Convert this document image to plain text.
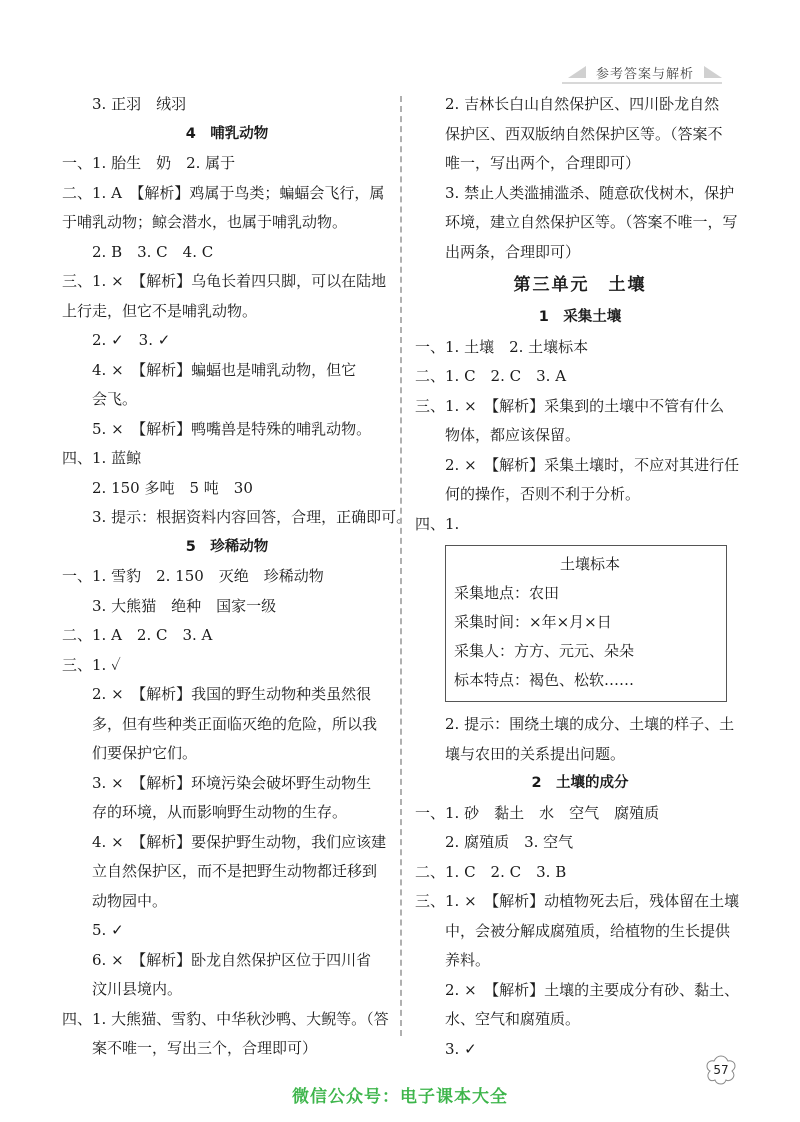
参考答案与解析
3. 正羽　绒羽
4　哺乳动物
一、1. 胎生　奶　2. 属于
二、1. A　【解析】鸡属于鸟类；蝙蝠会飞行，属
于哺乳动物；鲸会潜水，也属于哺乳动物。
2. B　3. C　4. C
三、1. ×　【解析】乌龟长着四只脚，可以在陆地
上行走，但它不是哺乳动物。
2. ✓　3. ✓
4. ×　【解析】蝙蝠也是哺乳动物，但它
会飞。
5. ×　【解析】鸭嘴兽是特殊的哺乳动物。
四、1. 蓝鲸
2. 150 多吨　5 吨　30
3. 提示：根据资料内容回答，合理，正确即可。
5　珍稀动物
一、1. 雪豹　2. 150　灭绝　珍稀动物
3. 大熊猫　绝种　国家一级
二、1. A　2. C　3. A
三、1. ✓
2. ×　【解析】我国的野生动物种类虽然很
多，但有些种类正面临灭绝的危险，所以我
们要保护它们。
3. ×　【解析】环境污染会破坏野生动物生
存的环境，从而影响野生动物的生存。
4. ×　【解析】要保护野生动物，我们应该建
立自然保护区，而不是把野生动物都迁移到
动物园中。
5. ✓
6. ×　【解析】卧龙自然保护区位于四川省
汶川县境内。
四、1. 大熊猫、雪豹、中华秋沙鸭、大鲵等。（答
案不唯一，写出三个，合理即可）
2. 吉林长白山自然保护区、四川卧龙自然
保护区、西双版纳自然保护区等。（答案不
唯一，写出两个，合理即可）
3. 禁止人类滥捕滥杀、随意砍伐树木，保护
环境，建立自然保护区等。（答案不唯一，写
出两条，合理即可）
第三单元　土壤
1　采集土壤
一、1. 土壤　2. 土壤标本
二、1. C　2. C　3. A
三、1. ×　【解析】采集到的土壤中不管有什么
物体，都应该保留。
2. ×　【解析】采集土壤时，不应对其进行任
何的操作，否则不利于分析。
四、1.
土壤标本
采集地点：农田
采集时间：×年×月×日
采集人：方方、元元、朵朵
标本特点：褐色、松软……
2. 提示：围绕土壤的成分、土壤的样子、土
壤与农田的关系提出问题。
2　土壤的成分
一、1. 砂　黏土　水　空气　腐殖质
2. 腐殖质　3. 空气
二、1. C　2. C　3. B
三、1. ×　【解析】动植物死去后，残体留在土壤
中，会被分解成腐殖质，给植物的生长提供
养料。
2. ×　【解析】土壤的主要成分有砂、黏土、
水、空气和腐殖质。
3. ✓
57
微信公众号：电子课本大全
